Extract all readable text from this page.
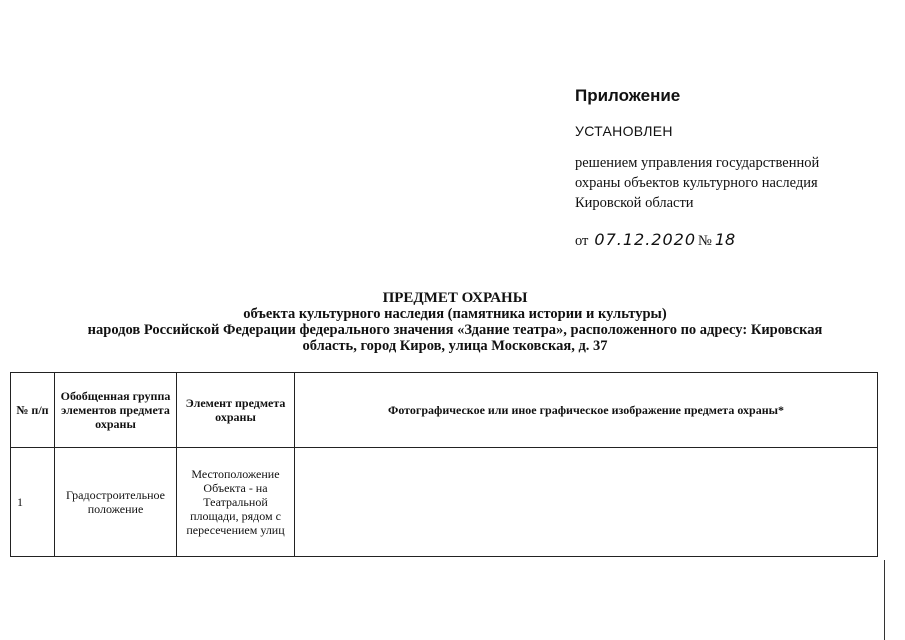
Приложение
УСТАНОВЛЕН
решением управления государственной
охраны объектов культурного наследия
Кировской области
от 07.12.2020 № 18
ПРЕДМЕТ ОХРАНЫ
объекта культурного наследия (памятника истории и культуры)
народов Российской Федерации федерального значения «Здание театра», расположенного по адресу: Кировская
область, город Киров, улица Московская, д. 37
№ п/п	Обобщенная группа элементов предмета охраны	Элемент предмета охраны	Фотографическое или иное графическое изображение предмета охраны*
1	Градостроительное положение	Местоположение Объекта - на Театральной площади, рядом с пересечением улиц	
